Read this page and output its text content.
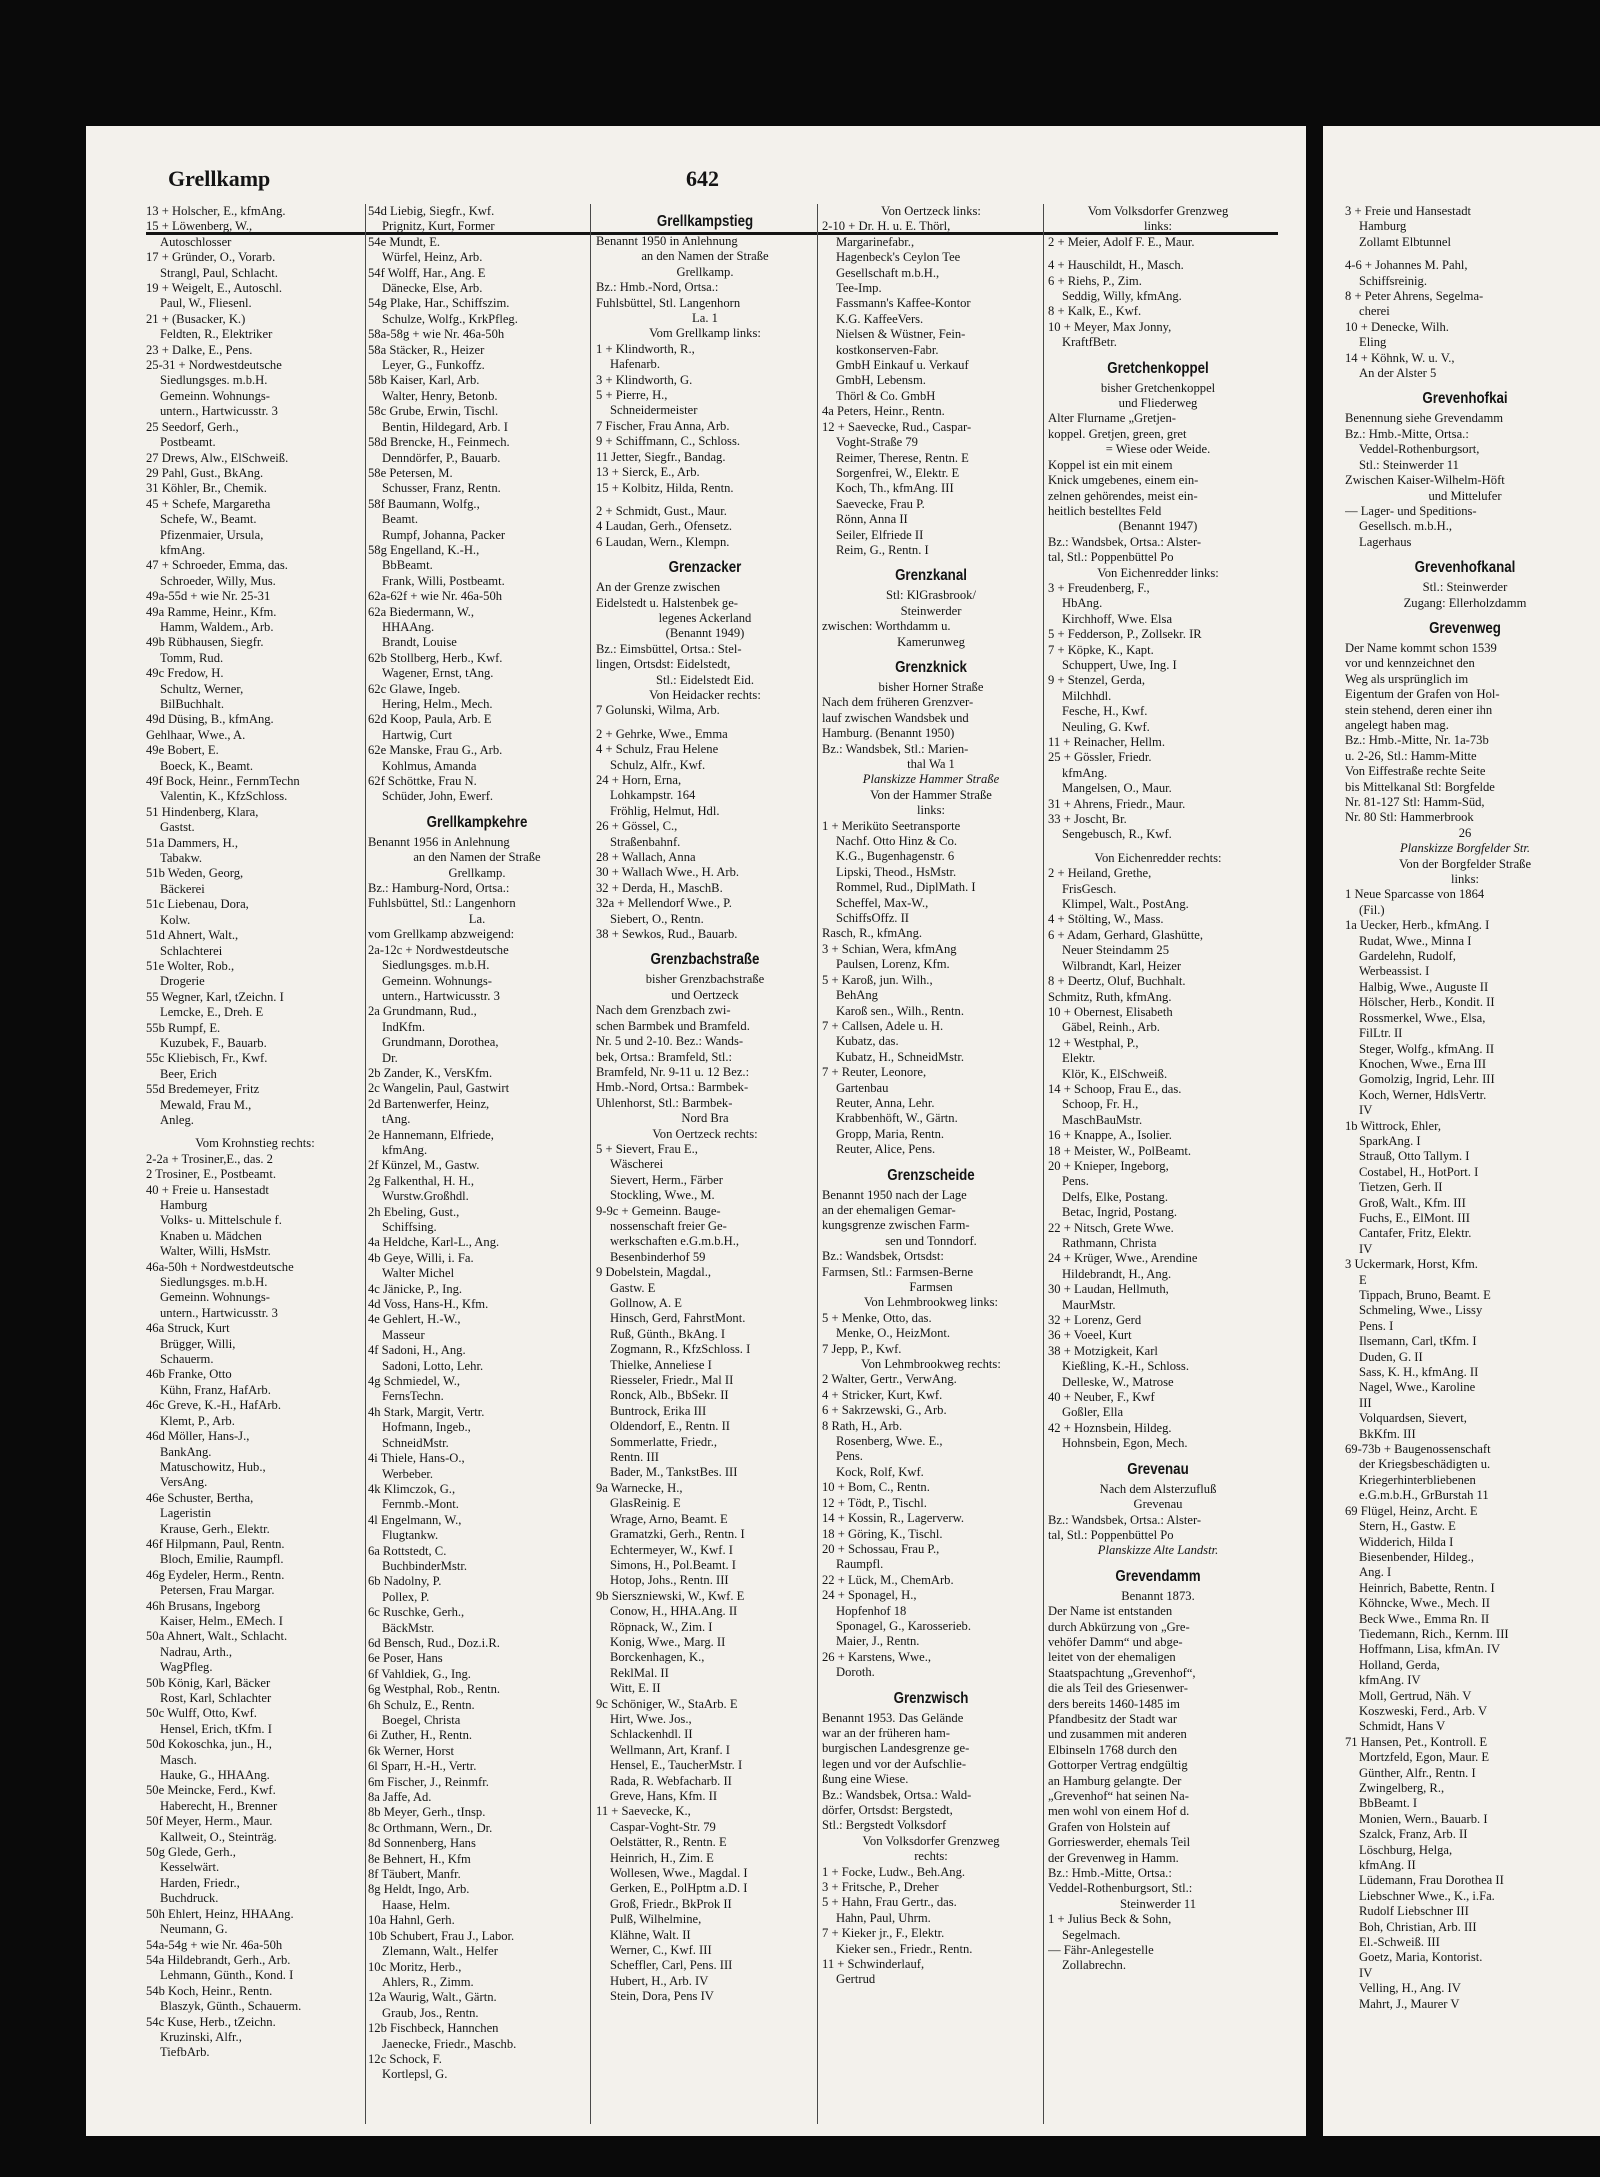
Grellkamp	642
13 + Holscher, E., kfmAng.
15 + Löwenberg, W.,
Autoschlosser
17 + Gründer, O., Vorarb.
Strangl, Paul, Schlacht.
19 + Weigelt, E., Autoschl.
Paul, W., Fliesenl.
21 + (Busacker, K.)
Feldten, R., Elektriker
23 + Dalke, E., Pens.
25-31 + Nordwestdeutsche
Siedlungsges. m.b.H.
Gemeinn. Wohnungs-
untern., Hartwicusstr. 3
25 Seedorf, Gerh.,
Postbeamt.
27 Drews, Alw., ElSchweiß.
29 Pahl, Gust., BkAng.
31 Köhler, Br., Chemik.
45 + Schefe, Margaretha
Schefe, W., Beamt.
Pfizenmaier, Ursula,
kfmAng.
47 + Schroeder, Emma, das.
Schroeder, Willy, Mus.
49a-55d + wie Nr. 25-31
49a Ramme, Heinr., Kfm.
Hamm, Waldem., Arb.
49b Rübhausen, Siegfr.
Tomm, Rud.
49c Fredow, H.
Schultz, Werner,
BilBuchhalt.
49d Düsing, B., kfmAng.
Gehlhaar, Wwe., A.
49e Bobert, E.
Boeck, K., Beamt.
49f Bock, Heinr., FernmTechn
Valentin, K., KfzSchloss.
51 Hindenberg, Klara,
Gastst.
51a Dammers, H.,
Tabakw.
51b Weden, Georg,
Bäckerei
51c Liebenau, Dora,
Kolw.
51d Ahnert, Walt.,
Schlachterei
51e Wolter, Rob.,
Drogerie
55 Wegner, Karl, tZeichn. I
Lemcke, E., Dreh. E
55b Rumpf, E.
Kuzubek, F., Bauarb.
55c Kliebisch, Fr., Kwf.
Beer, Erich
55d Bredemeyer, Fritz
Mewald, Frau M.,
Anleg.
Vom Krohnstieg rechts:
2-2a + Trosiner,E., das. 2
2 Trosiner, E., Postbeamt.
40 + Freie u. Hansestadt
Hamburg
Volks- u. Mittelschule f.
Knaben u. Mädchen
Walter, Willi, HsMstr.
46a-50h + Nordwestdeutsche
Siedlungsges. m.b.H.
Gemeinn. Wohnungs-
untern., Hartwicusstr. 3
46a Struck, Kurt
Brügger, Willi,
Schauerm.
46b Franke, Otto
Kühn, Franz, HafArb.
46c Greve, K.-H., HafArb.
Klemt, P., Arb.
46d Möller, Hans-J.,
BankAng.
Matuschowitz, Hub.,
VersAng.
46e Schuster, Bertha,
Lageristin
Krause, Gerh., Elektr.
46f Hilpmann, Paul, Rentn.
Bloch, Emilie, Raumpfl.
46g Eydeler, Herm., Rentn.
Petersen, Frau Margar.
46h Brusans, Ingeborg
Kaiser, Helm., EMech. I
50a Ahnert, Walt., Schlacht.
Nadrau, Arth.,
WagPfleg.
50b König, Karl, Bäcker
Rost, Karl, Schlachter
50c Wulff, Otto, Kwf.
Hensel, Erich, tKfm. I
50d Kokoschka, jun., H.,
Masch.
Hauke, G., HHAAng.
50e Meincke, Ferd., Kwf.
Haberecht, H., Brenner
50f Meyer, Herm., Maur.
Kallweit, O., Steinträg.
50g Glede, Gerh.,
Kesselwärt.
Harden, Friedr.,
Buchdruck.
50h Ehlert, Heinz, HHAAng.
Neumann, G.
54a-54g + wie Nr. 46a-50h
54a Hildebrandt, Gerh., Arb.
Lehmann, Günth., Kond. I
54b Koch, Heinr., Rentn.
Blaszyk, Günth., Schauerm.
54c Kuse, Herb., tZeichn.
Kruzinski, Alfr.,
TiefbArb.
54d Liebig, Siegfr., Kwf.
Prignitz, Kurt, Former
54e Mundt, E.
Würfel, Heinz, Arb.
54f Wolff, Har., Ang. E
Dänecke, Else, Arb.
54g Plake, Har., Schiffszim.
Schulze, Wolfg., KrkPfleg.
58a-58g + wie Nr. 46a-50h
58a Stäcker, R., Heizer
Leyer, G., Funkoffz.
58b Kaiser, Karl, Arb.
Walter, Henry, Betonb.
58c Grube, Erwin, Tischl.
Bentin, Hildegard, Arb. I
58d Brencke, H., Feinmech.
Denndörfer, P., Bauarb.
58e Petersen, M.
Schusser, Franz, Rentn.
58f Baumann, Wolfg.,
Beamt.
Rumpf, Johanna, Packer
58g Engelland, K.-H.,
BbBeamt.
Frank, Willi, Postbeamt.
62a-62f + wie Nr. 46a-50h
62a Biedermann, W.,
HHAAng.
Brandt, Louise
62b Stollberg, Herb., Kwf.
Wagener, Ernst, tAng.
62c Glawe, Ingeb.
Hering, Helm., Mech.
62d Koop, Paula, Arb. E
Hartwig, Curt
62e Manske, Frau G., Arb.
Kohlmus, Amanda
62f Schöttke, Frau N.
Schüder, John, Ewerf.
Grellkampkehre
Benannt 1956 in Anlehnung
an den Namen der Straße
Grellkamp.
Bz.: Hamburg-Nord, Ortsa.:
Fuhlsbüttel, Stl.: Langenhorn
La.
vom Grellkamp abzweigend:
2a-12c + Nordwestdeutsche
Siedlungsges. m.b.H.
Gemeinn. Wohnungs-
untern., Hartwicusstr. 3
2a Grundmann, Rud.,
IndKfm.
Grundmann, Dorothea,
Dr.
2b Zander, K., VersKfm.
2c Wangelin, Paul, Gastwirt
2d Bartenwerfer, Heinz,
tAng.
2e Hannemann, Elfriede,
kfmAng.
2f Künzel, M., Gastw.
2g Falkenthal, H. H.,
Wurstw.Großhdl.
2h Ebeling, Gust.,
Schiffsing.
4a Heldche, Karl-L., Ang.
4b Geye, Willi, i. Fa.
Walter Michel
4c Jänicke, P., Ing.
4d Voss, Hans-H., Kfm.
4e Gehlert, H.-W.,
Masseur
4f Sadoni, H., Ang.
Sadoni, Lotto, Lehr.
4g Schmiedel, W.,
FernsTechn.
4h Stark, Margit, Vertr.
Hofmann, Ingeb.,
SchneidMstr.
4i Thiele, Hans-O.,
Werbeber.
4k Klimczok, G.,
Fernmb.-Mont.
4l Engelmann, W.,
Flugtankw.
6a Rottstedt, C.
BuchbinderMstr.
6b Nadolny, P.
Pollex, P.
6c Ruschke, Gerh.,
BäckMstr.
6d Bensch, Rud., Doz.i.R.
6e Poser, Hans
6f Vahldiek, G., Ing.
6g Westphal, Rob., Rentn.
6h Schulz, E., Rentn.
Boegel, Christa
6i Zuther, H., Rentn.
6k Werner, Horst
6l Sparr, H.-H., Vertr.
6m Fischer, J., Reinmfr.
8a Jaffe, Ad.
8b Meyer, Gerh., tInsp.
8c Orthmann, Wern., Dr.
8d Sonnenberg, Hans
8e Behnert, H., Kfm
8f Täubert, Manfr.
8g Heldt, Ingo, Arb.
Haase, Helm.
10a Hahnl, Gerh.
10b Schubert, Frau J., Labor.
Zlemann, Walt., Helfer
10c Moritz, Herb.,
Ahlers, R., Zimm.
12a Waurig, Walt., Gärtn.
Graub, Jos., Rentn.
12b Fischbeck, Hannchen
Jaenecke, Friedr., Maschb.
12c Schock, F.
Kortlepsl, G.
Grellkampstieg
Benannt 1950 in Anlehnung
an den Namen der Straße
Grellkamp.
Bz.: Hmb.-Nord, Ortsa.:
Fuhlsbüttel, Stl. Langenhorn
La. 1
Vom Grellkamp links:
1 + Klindworth, R.,
Hafenarb.
3 + Klindworth, G.
5 + Pierre, H.,
Schneidermeister
7 Fischer, Frau Anna, Arb.
9 + Schiffmann, C., Schloss.
11 Jetter, Siegfr., Bandag.
13 + Sierck, E., Arb.
15 + Kolbitz, Hilda, Rentn.
2 + Schmidt, Gust., Maur.
4 Laudan, Gerh., Ofensetz.
6 Laudan, Wern., Klempn.
Grenzacker
An der Grenze zwischen
Eidelstedt u. Halstenbek ge-
legenes Ackerland
(Benannt 1949)
Bz.: Eimsbüttel, Ortsa.: Stel-
lingen, Ortsdst: Eidelstedt,
Stl.: Eidelstedt Eid.
Von Heidacker rechts:
7 Golunski, Wilma, Arb.
2 + Gehrke, Wwe., Emma
4 + Schulz, Frau Helene
Schulz, Alfr., Kwf.
24 + Horn, Erna,
Lohkampstr. 164
Fröhlig, Helmut, Hdl.
26 + Gössel, C.,
Straßenbahnf.
28 + Wallach, Anna
30 + Wallach Wwe., H. Arb.
32 + Derda, H., MaschB.
32a + Mellendorf Wwe., P.
Siebert, O., Rentn.
38 + Sewkos, Rud., Bauarb.
Grenzbachstraße
bisher Grenzbachstraße
und Oertzeck
Nach dem Grenzbach zwi-
schen Barmbek und Bramfeld.
Nr. 5 und 2-10. Bez.: Wands-
bek, Ortsa.: Bramfeld, Stl.:
Bramfeld, Nr. 9-11 u. 12 Bez.:
Hmb.-Nord, Ortsa.: Barmbek-
Uhlenhorst, Stl.: Barmbek-
Nord Bra
Von Oertzeck rechts:
5 + Sievert, Frau E.,
Wäscherei
Sievert, Herm., Färber
Stockling, Wwe., M.
9-9c + Gemeinn. Bauge-
nossenschaft freier Ge-
werkschaften e.G.m.b.H.,
Besenbinderhof 59
9 Dobelstein, Magdal.,
Gastw. E
Gollnow, A. E
Hinsch, Gerd, FahrstMont.
Ruß, Günth., BkAng. I
Zogmann, R., KfzSchloss. I
Thielke, Anneliese I
Riesseler, Friedr., Mal II
Ronck, Alb., BbSekr. II
Buntrock, Erika III
Oldendorf, E., Rentn. II
Sommerlatte, Friedr.,
Rentn. III
Bader, M., TankstBes. III
9a Warnecke, H.,
GlasReinig. E
Wrage, Arno, Beamt. E
Gramatzki, Gerh., Rentn. I
Echtermeyer, W., Kwf. I
Simons, H., Pol.Beamt. I
Hotop, Johs., Rentn. III
9b Sierszniewski, W., Kwf. E
Conow, H., HHA.Ang. II
Röpnack, W., Zim. I
Konig, Wwe., Marg. II
Borckenhagen, K.,
ReklMal. II
Witt, E. II
9c Schöniger, W., StaArb. E
Hirt, Wwe. Jos.,
Schlackenhdl. II
Wellmann, Art, Kranf. I
Hensel, E., TaucherMstr. I
Rada, R. Webfacharb. II
Greve, Hans, Kfm. II
11 + Saevecke, K.,
Caspar-Voght-Str. 79
Oelstätter, R., Rentn. E
Heinrich, H., Zim. E
Wollesen, Wwe., Magdal. I
Gerken, E., PolHptm a.D. I
Groß, Friedr., BkProk II
Pulß, Wilhelmine,
Klähne, Walt. II
Werner, C., Kwf. III
Scheffler, Carl, Pens. III
Hubert, H., Arb. IV
Stein, Dora, Pens IV
Von Oertzeck links:
2-10 + Dr. H. u. E. Thörl,
Margarinefabr.,
Hagenbeck's Ceylon Tee
Gesellschaft m.b.H.,
Tee-Imp.
Fassmann's Kaffee-Kontor
K.G. KaffeeVers.
Nielsen & Wüstner, Fein-
kostkonserven-Fabr.
GmbH Einkauf u. Verkauf
GmbH, Lebensm.
Thörl & Co. GmbH
4a Peters, Heinr., Rentn.
12 + Saevecke, Rud., Caspar-
Voght-Straße 79
Reimer, Therese, Rentn. E
Sorgenfrei, W., Elektr. E
Koch, Th., kfmAng. III
Saevecke, Frau P.
Rönn, Anna II
Seiler, Elfriede II
Reim, G., Rentn. I
Grenzkanal
Stl: KlGrasbrook/
Steinwerder
zwischen: Worthdamm u.
Kamerunweg
Grenzknick
bisher Horner Straße
Nach dem früheren Grenzver-
lauf zwischen Wandsbek und
Hamburg. (Benannt 1950)
Bz.: Wandsbek, Stl.: Marien-
thal Wa 1
Planskizze Hammer Straße
Von der Hammer Straße
links:
1 + Meriküto Seetransporte
Nachf. Otto Hinz & Co.
K.G., Bugenhagenstr. 6
Lipski, Theod., HsMstr.
Rommel, Rud., DiplMath. I
Scheffel, Max-W.,
SchiffsOffz. II
Rasch, R., kfmAng.
3 + Schian, Wera, kfmAng
Paulsen, Lorenz, Kfm.
5 + Karoß, jun. Wilh.,
BehAng
Karoß sen., Wilh., Rentn.
7 + Callsen, Adele u. H.
Kubatz, das.
Kubatz, H., SchneidMstr.
7 + Reuter, Leonore,
Gartenbau
Reuter, Anna, Lehr.
Krabbenhöft, W., Gärtn.
Gropp, Maria, Rentn.
Reuter, Alice, Pens.
Grenzscheide
Benannt 1950 nach der Lage
an der ehemaligen Gemar-
kungsgrenze zwischen Farm-
sen und Tonndorf.
Bz.: Wandsbek, Ortsdst:
Farmsen, Stl.: Farmsen-Berne
Farmsen
Von Lehmbrookweg links:
5 + Menke, Otto, das.
Menke, O., HeizMont.
7 Jepp, P., Kwf.
Von Lehmbrookweg rechts:
2 Walter, Gertr., VerwAng.
4 + Stricker, Kurt, Kwf.
6 + Sakrzewski, G., Arb.
8 Rath, H., Arb.
Rosenberg, Wwe. E.,
Pens.
Kock, Rolf, Kwf.
10 + Bom, C., Rentn.
12 + Tödt, P., Tischl.
14 + Kossin, R., Lagerverw.
18 + Göring, K., Tischl.
20 + Schossau, Frau P.,
Raumpfl.
22 + Lück, M., ChemArb.
24 + Sponagel, H.,
Hopfenhof 18
Sponagel, G., Karosserieb.
Maier, J., Rentn.
26 + Karstens, Wwe.,
Doroth.
Grenzwisch
Benannt 1953. Das Gelände
war an der früheren ham-
burgischen Landesgrenze ge-
legen und vor der Aufschlie-
ßung eine Wiese.
Bz.: Wandsbek, Ortsa.: Wald-
dörfer, Ortsdst: Bergstedt,
Stl.: Bergstedt Volksdorf
Von Volksdorfer Grenzweg
rechts:
1 + Focke, Ludw., Beh.Ang.
3 + Fritsche, P., Dreher
5 + Hahn, Frau Gertr., das.
Hahn, Paul, Uhrm.
7 + Kieker jr., F., Elektr.
Kieker sen., Friedr., Rentn.
11 + Schwinderlauf,
Gertrud
Vom Volksdorfer Grenzweg
links:
2 + Meier, Adolf F. E., Maur.
4 + Hauschildt, H., Masch.
6 + Riehs, P., Zim.
Seddig, Willy, kfmAng.
8 + Kalk, E., Kwf.
10 + Meyer, Max Jonny,
KraftfBetr.
Gretchenkoppel
bisher Gretchenkoppel
und Fliederweg
Alter Flurname „Gretjen-
koppel. Gretjen, green, gret
= Wiese oder Weide.
Koppel ist ein mit einem
Knick umgebenes, einem ein-
zelnen gehörendes, meist ein-
heitlich bestelltes Feld
(Benannt 1947)
Bz.: Wandsbek, Ortsa.: Alster-
tal, Stl.: Poppenbüttel Po
Von Eichenredder links:
3 + Freudenberg, F.,
HbAng.
Kirchhoff, Wwe. Elsa
5 + Fedderson, P., Zollsekr. IR
7 + Köpke, K., Kapt.
Schuppert, Uwe, Ing. I
9 + Stenzel, Gerda,
Milchhdl.
Fesche, H., Kwf.
Neuling, G. Kwf.
11 + Reinacher, Hellm.
25 + Gössler, Friedr.
kfmAng.
Mangelsen, O., Maur.
31 + Ahrens, Friedr., Maur.
33 + Joscht, Br.
Sengebusch, R., Kwf.
Von Eichenredder rechts:
2 + Heiland, Grethe,
FrisGesch.
Klimpel, Walt., PostAng.
4 + Stölting, W., Mass.
6 + Adam, Gerhard, Glashütte,
Neuer Steindamm 25
Wilbrandt, Karl, Heizer
8 + Deertz, Oluf, Buchhalt.
Schmitz, Ruth, kfmAng.
10 + Obernest, Elisabeth
Gäbel, Reinh., Arb.
12 + Westphal, P.,
Elektr.
Klör, K., ElSchweiß.
14 + Schoop, Frau E., das.
Schoop, Fr. H.,
MaschBauMstr.
16 + Knappe, A., Isolier.
18 + Meister, W., PolBeamt.
20 + Knieper, Ingeborg,
Pens.
Delfs, Elke, Postang.
Betac, Ingrid, Postang.
22 + Nitsch, Grete Wwe.
Rathmann, Christa
24 + Krüger, Wwe., Arendine
Hildebrandt, H., Ang.
30 + Laudan, Hellmuth,
MaurMstr.
32 + Lorenz, Gerd
36 + Voeel, Kurt
38 + Motzigkeit, Karl
Kießling, K.-H., Schloss.
Delleske, W., Matrose
40 + Neuber, F., Kwf
Goßler, Ella
42 + Hoznsbein, Hildeg.
Hohnsbein, Egon, Mech.
Grevenau
Nach dem Alsterzufluß
Grevenau
Bz.: Wandsbek, Ortsa.: Alster-
tal, Stl.: Poppenbüttel Po
Planskizze Alte Landstr.
Grevendamm
Benannt 1873.
Der Name ist entstanden
durch Abkürzung von „Gre-
vehöfer Damm“ und abge-
leitet von der ehemaligen
Staatspachtung „Grevenhof“,
die als Teil des Griesenwer-
ders bereits 1460-1485 im
Pfandbesitz der Stadt war
und zusammen mit anderen
Elbinseln 1768 durch den
Gottorper Vertrag endgültig
an Hamburg gelangte. Der
„Grevenhof“ hat seinen Na-
men wohl von einem Hof d.
Grafen von Holstein auf
Gorrieswerder, ehemals Teil
der Grevenweg in Hamm.
Bz.: Hmb.-Mitte, Ortsa.:
Veddel-Rothenburgsort, Stl.:
Steinwerder 11
1 + Julius Beck & Sohn,
Segelmach.
— Fähr-Anlegestelle
Zollabrechn.
3 + Freie und Hansestadt
Hamburg
Zollamt Elbtunnel
4-6 + Johannes M. Pahl,
Schiffsreinig.
8 + Peter Ahrens, Segelma-
cherei
10 + Denecke, Wilh.
Eling
14 + Köhnk, W. u. V.,
An der Alster 5
Grevenhofkai
Benennung siehe Grevendamm
Bz.: Hmb.-Mitte, Ortsa.:
Veddel-Rothenburgsort,
Stl.: Steinwerder 11
Zwischen Kaiser-Wilhelm-Höft
und Mittelufer
— Lager- und Speditions-
Gesellsch. m.b.H.,
Lagerhaus
Grevenhofkanal
Stl.: Steinwerder
Zugang: Ellerholzdamm
Grevenweg
Der Name kommt schon 1539
vor und kennzeichnet den
Weg als ursprünglich im
Eigentum der Grafen von Hol-
stein stehend, deren einer ihn
angelegt haben mag.
Bz.: Hmb.-Mitte, Nr. 1a-73b
u. 2-26, Stl.: Hamm-Mitte
Von Eiffestraße rechte Seite
bis Mittelkanal Stl: Borgfelde
Nr. 81-127 Stl: Hamm-Süd,
Nr. 80 Stl: Hammerbrook
26
Planskizze Borgfelder Str.
Von der Borgfelder Straße
links:
1 Neue Sparcasse von 1864
(Fil.)
1a Uecker, Herb., kfmAng. I
Rudat, Wwe., Minna I
Gardelehn, Rudolf,
Werbeassist. I
Halbig, Wwe., Auguste II
Hölscher, Herb., Kondit. II
Rossmerkel, Wwe., Elsa,
FilLtr. II
Steger, Wolfg., kfmAng. II
Knochen, Wwe., Erna III
Gomolzig, Ingrid, Lehr. III
Koch, Werner, HdlsVertr.
IV
1b Wittrock, Ehler,
SparkAng. I
Strauß, Otto Tallym. I
Costabel, H., HotPort. I
Tietzen, Gerh. II
Groß, Walt., Kfm. III
Fuchs, E., ElMont. III
Cantafer, Fritz, Elektr.
IV
3 Uckermark, Horst, Kfm.
E
Tippach, Bruno, Beamt. E
Schmeling, Wwe., Lissy
Pens. I
Ilsemann, Carl, tKfm. I
Duden, G. II
Sass, K. H., kfmAng. II
Nagel, Wwe., Karoline
III
Volquardsen, Sievert,
BkKfm. III
69-73b + Baugenossenschaft
der Kriegsbeschädigten u.
Kriegerhinterbliebenen
e.G.m.b.H., GrBurstah 11
69 Flügel, Heinz, Archt. E
Stern, H., Gastw. E
Widderich, Hilda I
Biesenbender, Hildeg.,
Ang. I
Heinrich, Babette, Rentn. I
Köhncke, Wwe., Mech. II
Beck Wwe., Emma Rn. II
Tiedemann, Rich., Kernm. III
Hoffmann, Lisa, kfmAn. IV
Holland, Gerda,
kfmAng. IV
Moll, Gertrud, Näh. V
Koszweski, Ferd., Arb. V
Schmidt, Hans V
71 Hansen, Pet., Kontroll. E
Mortzfeld, Egon, Maur. E
Günther, Alfr., Rentn. I
Zwingelberg, R.,
BbBeamt. I
Monien, Wern., Bauarb. I
Szalck, Franz, Arb. II
Löschburg, Helga,
kfmAng. II
Lüdemann, Frau Dorothea II
Liebschner Wwe., K., i.Fa.
Rudolf Liebschner III
Boh, Christian, Arb. III
El.-Schweiß. III
Goetz, Maria, Kontorist.
IV
Velling, H., Ang. IV
Mahrt, J., Maurer V
